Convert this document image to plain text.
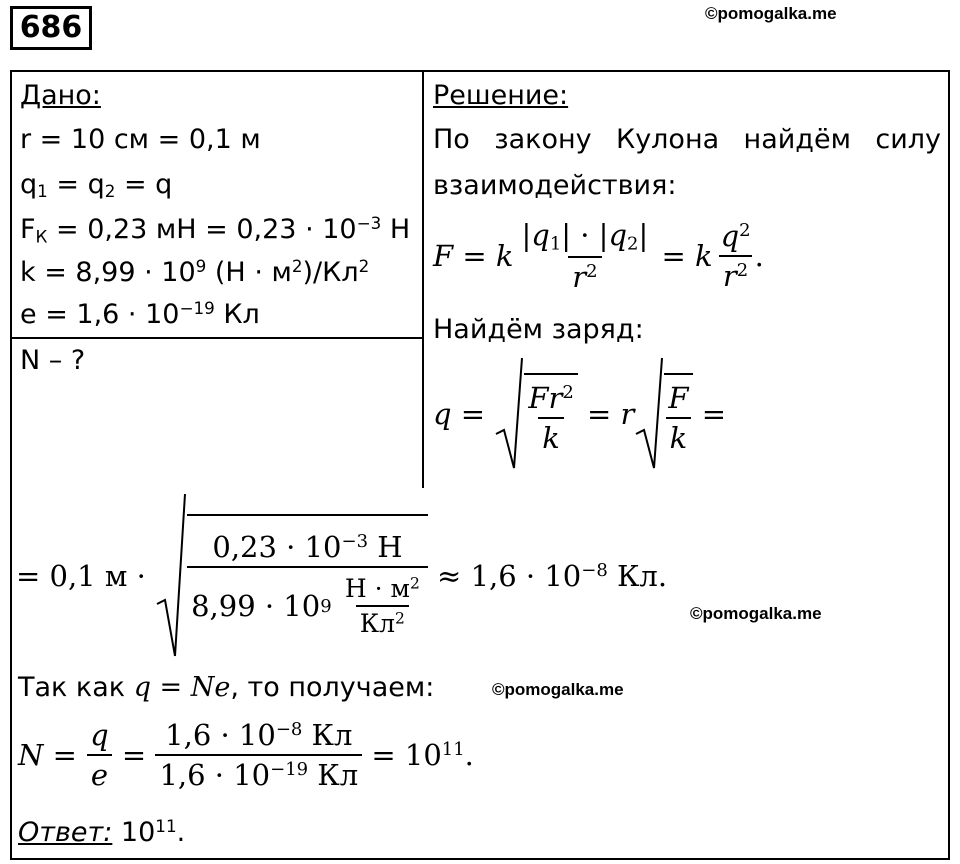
686	©pomogalka.me
©pomogalka.me
©pomogalka.me
Дано:
r = 10 см = 0,1 м
$q_1 = q_2 = q$
$F_К = 0,23$ мН = $0,23 \cdot 10^{-3}$ Н
$k = 8,99 \cdot 10^9$ $(Н \cdot м^2)/Кл^2$
$e = 1,6 \cdot 10^{-19}$ Кл
N – ?
Решение:
По закону Кулона найдём силу
взаимодействия:
F = k $\frac{|q_1| \cdot |q_2|}{r^2} = k \frac{q^2}{r^2}$ .
Найдём заряд:
$q = \frac{Fr^2}{k} = r \frac{F}{k}$ =
= 0,1 $м \cdot 0,23 \cdot 10^{-3}$ Н
8,99 · 10 9
$\frac{Н \cdot м^2}{Кл^2} \approx 1,6 \cdot 10^{-8}$ Кл.
Так как q = Ne, то получаем:
$N = \frac{q}{e} = \frac{1,6 \cdot 10^{-8} Кл}{1,6 \cdot 10^{-19} Кл} = 10^{11}$.
Ответ: $10^{11}$.
